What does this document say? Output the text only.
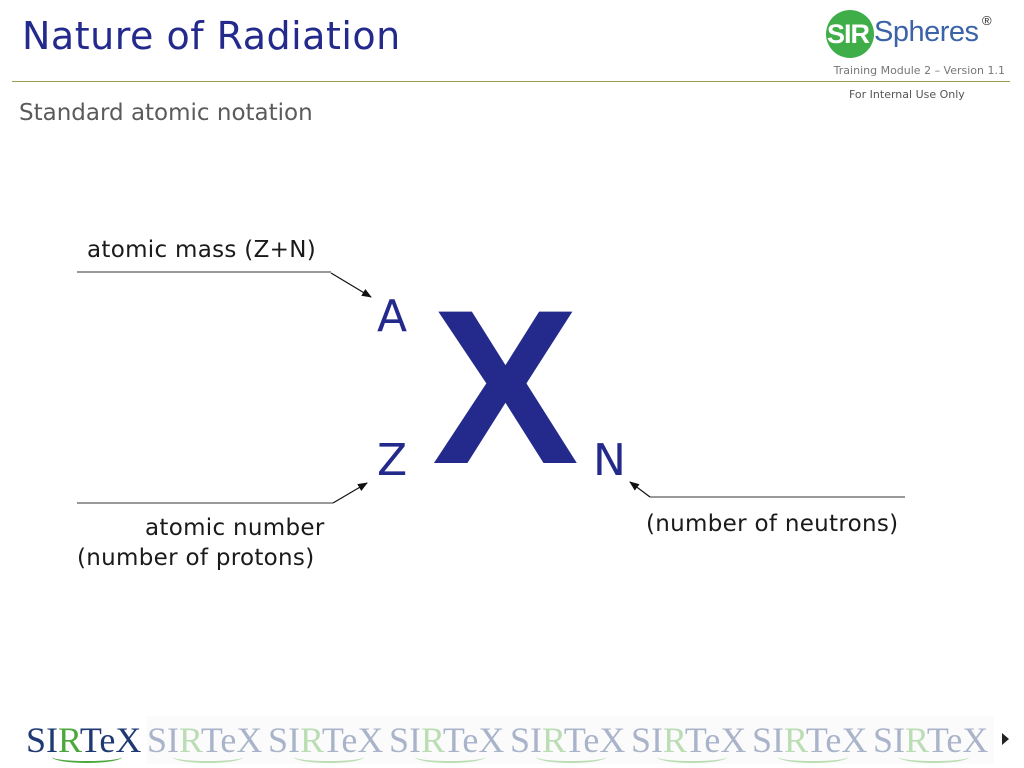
Nature of Radiation	SIR Spheres ®
Training Module 2 – Version 1.1
For Internal Use Only
Standard atomic notation
atomic mass (Z+N)
atomic number
(number of protons)
(number of neutrons)
A
Z	N
X
SIRTeX SIRTeX SIRTeX SIRTeX SIRTeX SIRTeX SIRTeX SIRTeX
